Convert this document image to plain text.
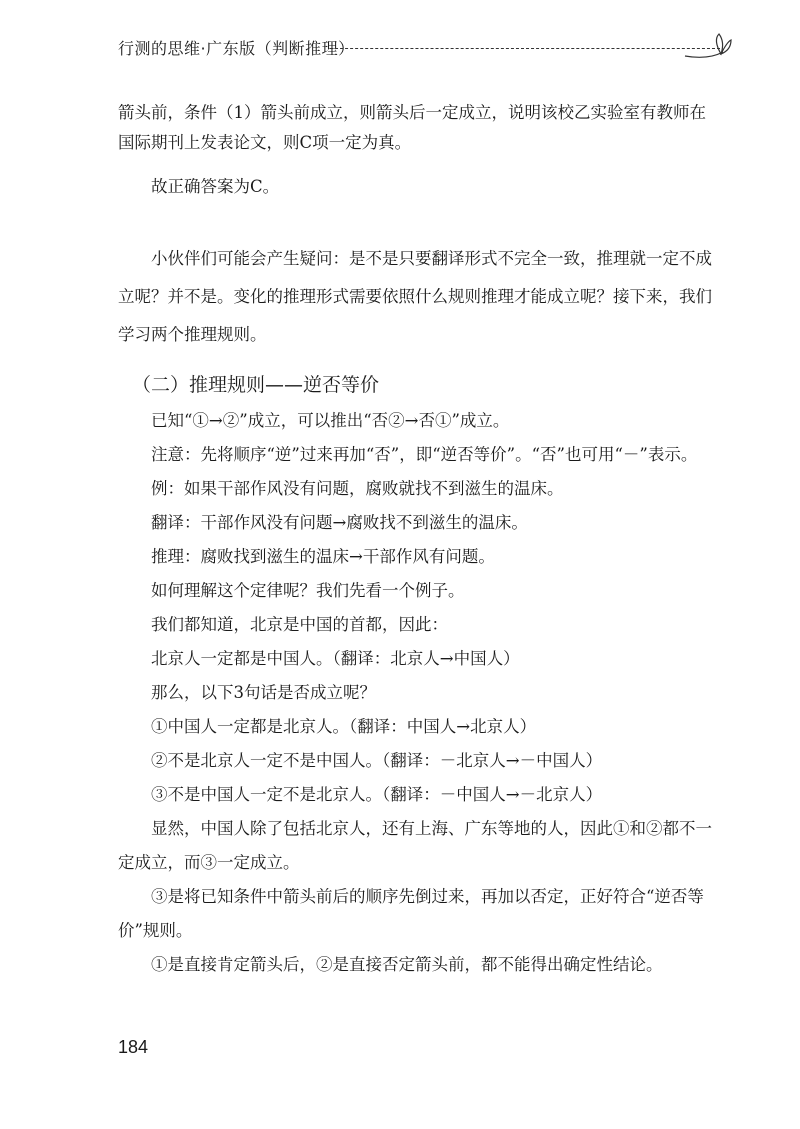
行测的思维·广东版（判断推理）

箭头前，条件（1）箭头前成立，则箭头后一定成立，说明该校乙实验室有教师在国际期刊上发表论文，则C项一定为真。

故正确答案为C。

小伙伴们可能会产生疑问：是不是只要翻译形式不完全一致，推理就一定不成立呢？并不是。变化的推理形式需要依照什么规则推理才能成立呢？接下来，我们学习两个推理规则。

（二）推理规则——逆否等价

已知“①→②”成立，可以推出“否②→否①”成立。

注意：先将顺序“逆”过来再加“否”，即“逆否等价”。“否”也可用“－”表示。

例：如果干部作风没有问题，腐败就找不到滋生的温床。

翻译：干部作风没有问题→腐败找不到滋生的温床。

推理：腐败找到滋生的温床→干部作风有问题。

如何理解这个定律呢？我们先看一个例子。

我们都知道，北京是中国的首都，因此：

北京人一定都是中国人。（翻译：北京人→中国人）

那么，以下3句话是否成立呢？

①中国人一定都是北京人。（翻译：中国人→北京人）

②不是北京人一定不是中国人。（翻译：－北京人→－中国人）

③不是中国人一定不是北京人。（翻译：－中国人→－北京人）

显然，中国人除了包括北京人，还有上海、广东等地的人，因此①和②都不一定成立，而③一定成立。

③是将已知条件中箭头前后的顺序先倒过来，再加以否定，正好符合“逆否等价”规则。

①是直接肯定箭头后，②是直接否定箭头前，都不能得出确定性结论。

184
